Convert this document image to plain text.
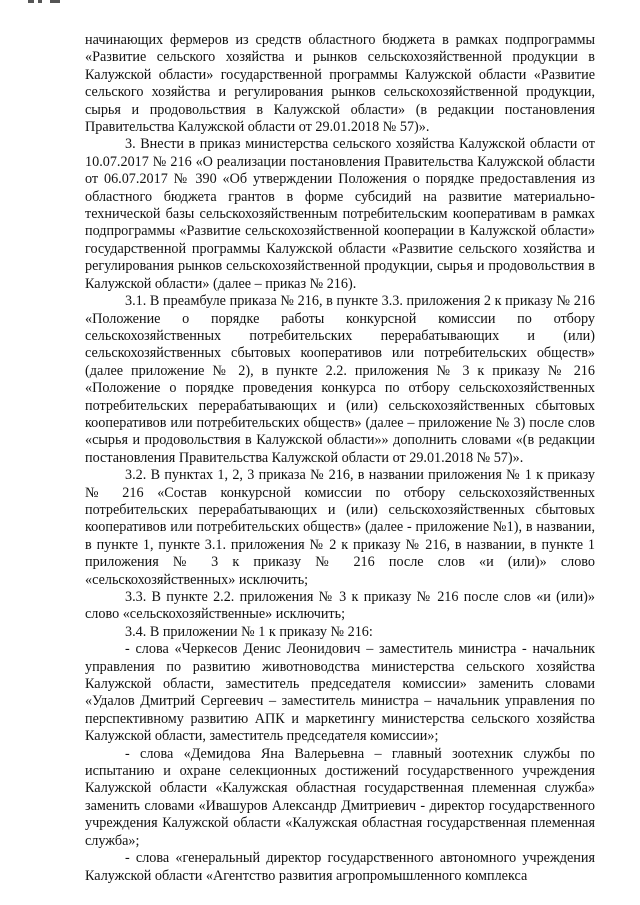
начинающих фермеров из средств областного бюджета в рамках подпрограммы «Развитие сельского хозяйства и рынков сельскохозяйственной продукции в Калужской области» государственной программы Калужской области «Развитие сельского хозяйства и регулирования рынков сельскохозяйственной продукции, сырья и продовольствия в Калужской области» (в редакции постановления Правительства Калужской области от 29.01.2018 № 57)».

3. Внести в приказ министерства сельского хозяйства Калужской области от 10.07.2017 № 216 «О реализации постановления Правительства Калужской области от 06.07.2017 № 390 «Об утверждении Положения о порядке предоставления из областного бюджета грантов в форме субсидий на развитие материально-технической базы сельскохозяйственным потребительским кооперативам в рамках подпрограммы «Развитие сельскохозяйственной кооперации в Калужской области» государственной программы Калужской области «Развитие сельского хозяйства и регулирования рынков сельскохозяйственной продукции, сырья и продовольствия в Калужской области» (далее – приказ № 216).

3.1. В преамбуле приказа № 216, в пункте 3.3. приложения 2 к приказу № 216 «Положение о порядке работы конкурсной комиссии по отбору сельскохозяйственных потребительских перерабатывающих и (или) сельскохозяйственных сбытовых кооперативов или потребительских обществ» (далее приложение № 2), в пункте 2.2. приложения № 3 к приказу № 216 «Положение о порядке проведения конкурса по отбору сельскохозяйственных потребительских перерабатывающих и (или) сельскохозяйственных сбытовых кооперативов или потребительских обществ» (далее – приложение № 3) после слов «сырья и продовольствия в Калужской области»» дополнить словами «(в редакции постановления Правительства Калужской области от 29.01.2018 № 57)».

3.2. В пунктах 1, 2, 3 приказа № 216, в названии приложения № 1 к приказу № 216 «Состав конкурсной комиссии по отбору сельскохозяйственных потребительских перерабатывающих и (или) сельскохозяйственных сбытовых кооперативов или потребительских обществ» (далее - приложение №1), в названии, в пункте 1, пункте 3.1. приложения № 2 к приказу № 216, в названии, в пункте 1 приложения № 3 к приказу № 216 после слов «и (или)» слово «сельскохозяйственных» исключить;

3.3. В пункте 2.2. приложения № 3 к приказу № 216 после слов «и (или)» слово «сельскохозяйственные» исключить;

3.4. В приложении № 1 к приказу № 216:

- слова «Черкесов Денис Леонидович – заместитель министра - начальник управления по развитию животноводства министерства сельского хозяйства Калужской области, заместитель председателя комиссии» заменить словами «Удалов Дмитрий Сергеевич – заместитель министра – начальник управления по перспективному развитию АПК и маркетингу министерства сельского хозяйства Калужской области, заместитель председателя комиссии»;

- слова «Демидова Яна Валерьевна – главный зоотехник службы по испытанию и охране селекционных достижений государственного учреждения Калужской области «Калужская областная государственная племенная служба» заменить словами «Ивашуров Александр Дмитриевич - директор государственного учреждения Калужской области «Калужская областная государственная племенная служба»;

- слова «генеральный директор государственного автономного учреждения Калужской области «Агентство развития агропромышленного комплекса
